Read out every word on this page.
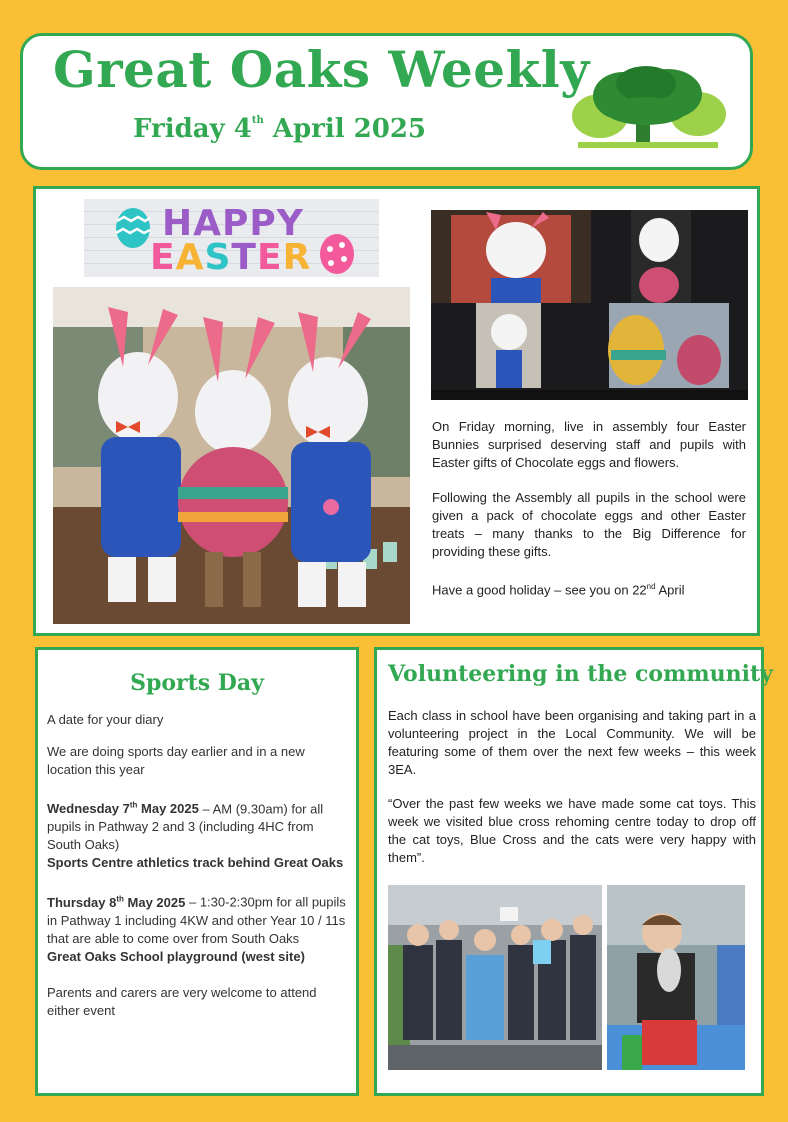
Great Oaks Weekly
Friday 4th April 2025
HAPPY
EASTER

On Friday morning, live in assembly four Easter Bunnies surprised deserving staff and pupils with Easter gifts of Chocolate eggs and flowers.

Following the Assembly all pupils in the school were given a pack of chocolate eggs and other Easter treats – many thanks to the Big Difference for providing these gifts.

Have a good holiday – see you on 22nd April

Sports Day

A date for your diary

We are doing sports day earlier and in a new location this year

Wednesday 7th May 2025 – AM (9.30am) for all pupils in Pathway 2 and 3 (including 4HC from South Oaks)

Sports Centre athletics track behind Great Oaks

Thursday 8th May 2025 – 1:30-2:30pm for all pupils in Pathway 1 including 4KW and other Year 10 / 11s that are able to come over from South Oaks

Great Oaks School playground (west site)

Parents and carers are very welcome to attend either event

Volunteering in the community

Each class in school have been organising and taking part in a volunteering project in the Local Community. We will be featuring some of them over the next few weeks – this week 3EA.

“Over the past few weeks we have made some cat toys. This week we visited blue cross rehoming centre today to drop off the cat toys, Blue Cross and the cats were very happy with them”.
